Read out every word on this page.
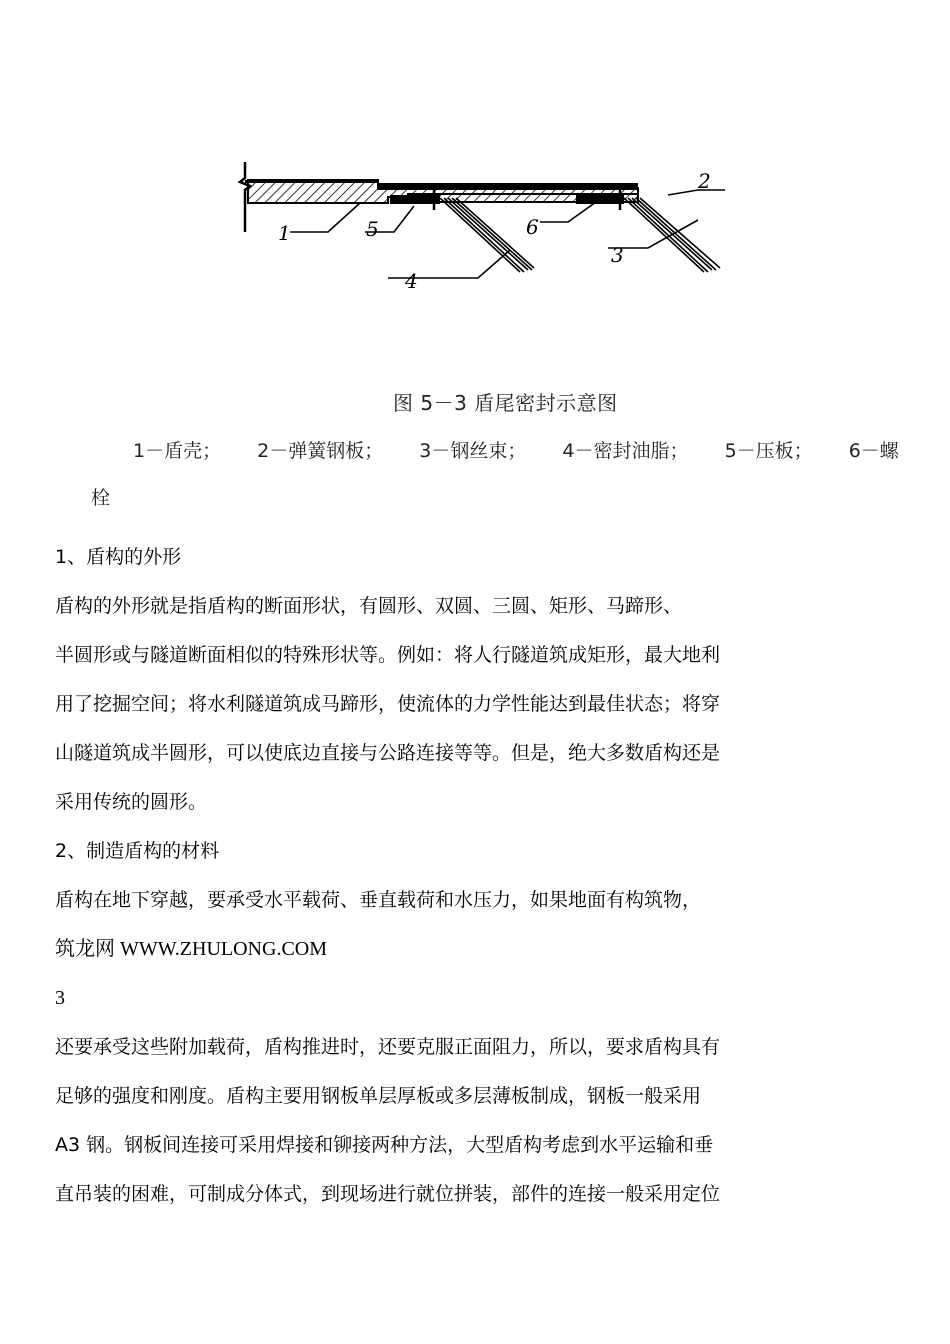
1	5	6
4
3
2
图 5－3 盾尾密封示意图
1－盾壳； 2－弹簧钢板； 3－钢丝束； 4－密封油脂； 5－压板； 6－螺
栓

1、盾构的外形

盾构的外形就是指盾构的断面形状，有圆形、双圆、三圆、矩形、马蹄形、

半圆形或与隧道断面相似的特殊形状等。例如：将人行隧道筑成矩形，最大地利

用了挖掘空间；将水利隧道筑成马蹄形，使流体的力学性能达到最佳状态；将穿

山隧道筑成半圆形，可以使底边直接与公路连接等等。但是，绝大多数盾构还是

采用传统的圆形。

2、制造盾构的材料

盾构在地下穿越，要承受水平载荷、垂直载荷和水压力，如果地面有构筑物，

筑龙网 WWW.ZHULONG.COM

3

还要承受这些附加载荷，盾构推进时，还要克服正面阻力，所以，要求盾构具有

足够的强度和刚度。盾构主要用钢板单层厚板或多层薄板制成，钢板一般采用

A3 钢。钢板间连接可采用焊接和铆接两种方法，大型盾构考虑到水平运输和垂

直吊装的困难，可制成分体式，到现场进行就位拼装，部件的连接一般采用定位
